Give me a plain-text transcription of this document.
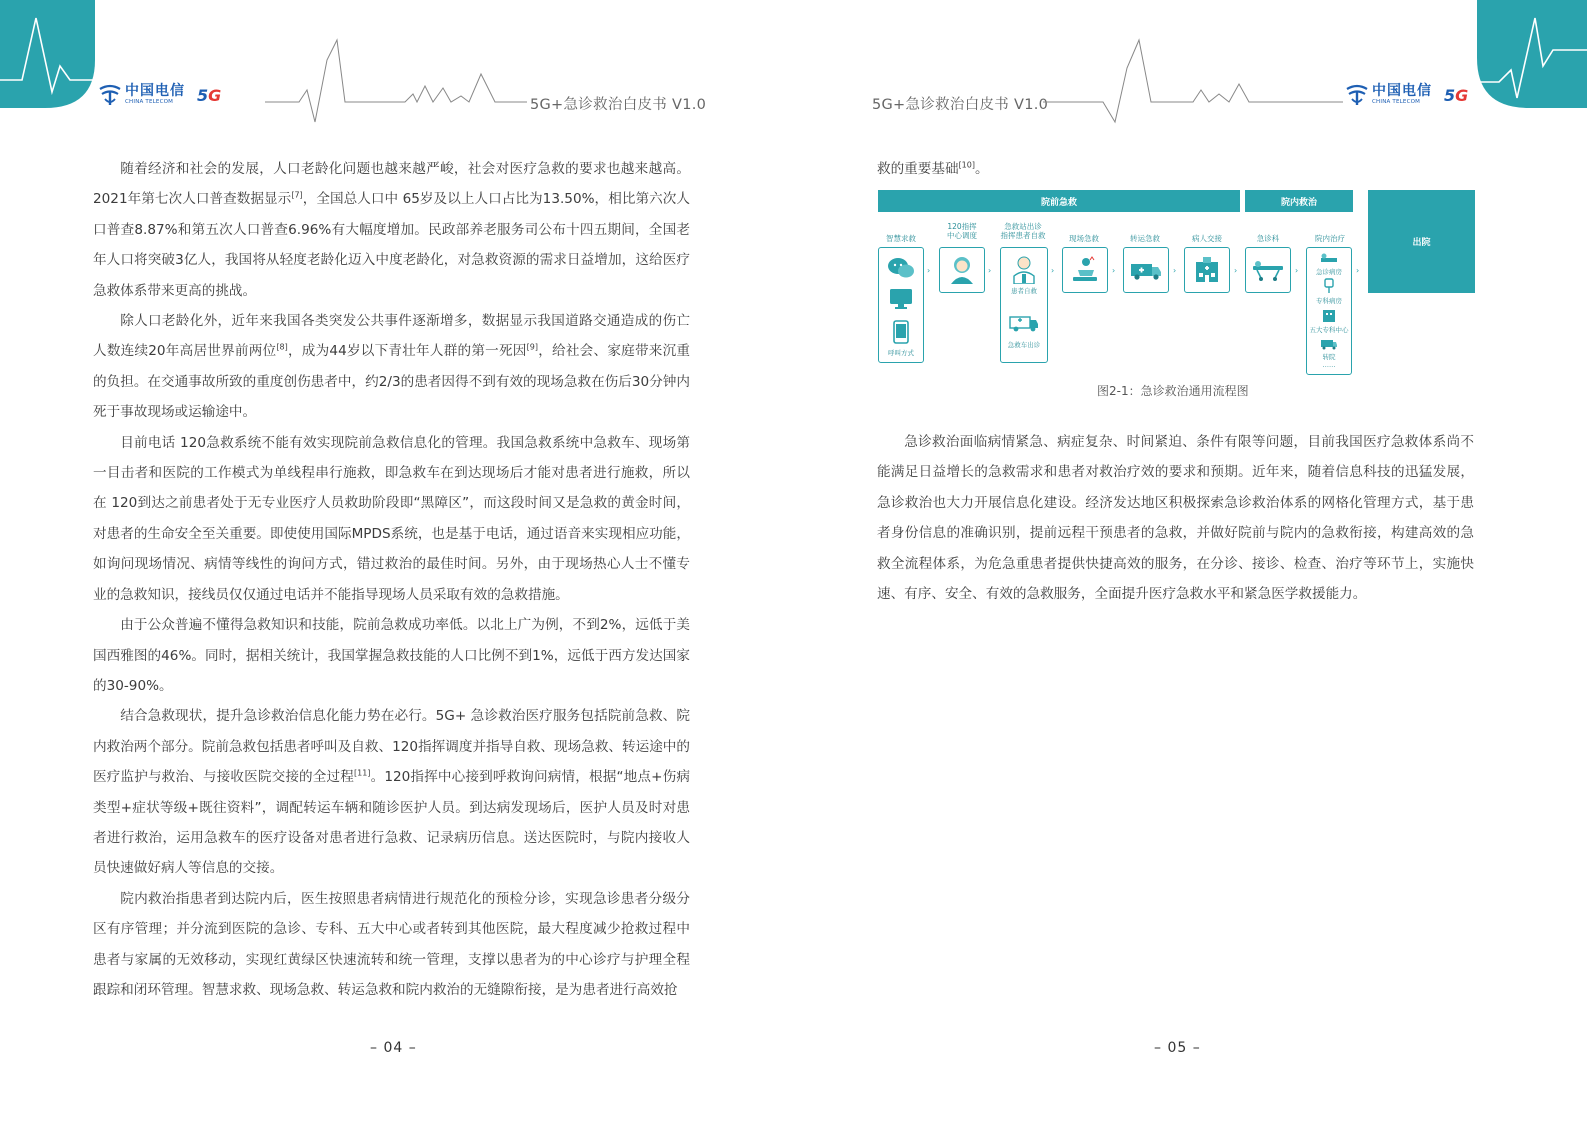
中国电信
CHINA TELECOM	5G
5G+急诊救治白皮书 V1.0

随着经济和社会的发展，人口老龄化问题也越来越严峻，社会对医疗急救的要求也越来越高。2021年第七次人口普查数据显示[7]，全国总人口中 65岁及以上人口占比为13.50%，相比第六次人口普查8.87%和第五次人口普查6.96%有大幅度增加。民政部养老服务司公布十四五期间，全国老年人口将突破3亿人，我国将从轻度老龄化迈入中度老龄化，对急救资源的需求日益增加，这给医疗急救体系带来更高的挑战。

除人口老龄化外，近年来我国各类突发公共事件逐渐增多，数据显示我国道路交通造成的伤亡人数连续20年高居世界前两位[8]，成为44岁以下青壮年人群的第一死因[9]，给社会、家庭带来沉重的负担。在交通事故所致的重度创伤患者中，约2/3的患者因得不到有效的现场急救在伤后30分钟内死于事故现场或运输途中。

目前电话 120急救系统不能有效实现院前急救信息化的管理。我国急救系统中急救车、现场第一目击者和医院的工作模式为单线程串行施救，即急救车在到达现场后才能对患者进行施救，所以在 120到达之前患者处于无专业医疗人员救助阶段即“黑障区”，而这段时间又是急救的黄金时间，对患者的生命安全至关重要。即使使用国际MPDS系统，也是基于电话，通过语音来实现相应功能，如询问现场情况、病情等线性的询问方式，错过救治的最佳时间。另外，由于现场热心人士不懂专业的急救知识，接线员仅仅通过电话并不能指导现场人员采取有效的急救措施。

由于公众普遍不懂得急救知识和技能，院前急救成功率低。以北上广为例，不到2%，远低于美国西雅图的46%。同时，据相关统计，我国掌握急救技能的人口比例不到1%，远低于西方发达国家的30-90%。

结合急救现状，提升急诊救治信息化能力势在必行。5G+ 急诊救治医疗服务包括院前急救、院内救治两个部分。院前急救包括患者呼叫及自救、120指挥调度并指导自救、现场急救、转运途中的医疗监护与救治、与接收医院交接的全过程[11]。120指挥中心接到呼救询问病情，根据“地点+伤病类型+症状等级+既往资料”，调配转运车辆和随诊医护人员。到达病发现场后，医护人员及时对患者进行救治，运用急救车的医疗设备对患者进行急救、记录病历信息。送达医院时，与院内接收人员快速做好病人等信息的交接。

院内救治指患者到达院内后，医生按照患者病情进行规范化的预检分诊，实现急诊患者分级分区有序管理；并分流到医院的急诊、专科、五大中心或者转到其他医院，最大程度减少抢救过程中患者与家属的无效移动，实现红黄绿区快速流转和统一管理，支撑以患者为的中心诊疗与护理全程跟踪和闭环管理。智慧求救、现场急救、转运急救和院内救治的无缝隙衔接，是为患者进行高效抢

– 04 –
5G+急诊救治白皮书 V1.0
中国电信
CHINA TELECOM	5G
救的重要基础[10]。
院前急救	院内救治
出院
智慧求救
120指挥
中心调度
急救站出诊
指挥患者自救	现场急救	转运急救	病人交接	急诊科	院内治疗
呼叫方式
›	›
患者自救
急救车出诊
›	›	›	›	›	急诊病房
专科病房
五大专科中心
转院
……
›
图2-1：急诊救治通用流程图

急诊救治面临病情紧急、病症复杂、时间紧迫、条件有限等问题，目前我国医疗急救体系尚不能满足日益增长的急救需求和患者对救治疗效的要求和预期。近年来，随着信息科技的迅猛发展，急诊救治也大力开展信息化建设。经济发达地区积极探索急诊救治体系的网格化管理方式，基于患者身份信息的准确识别，提前远程干预患者的急救，并做好院前与院内的急救衔接，构建高效的急救全流程体系，为危急重患者提供快捷高效的服务，在分诊、接诊、检查、治疗等环节上，实施快速、有序、安全、有效的急救服务，全面提升医疗急救水平和紧急医学救援能力。

– 05 –
